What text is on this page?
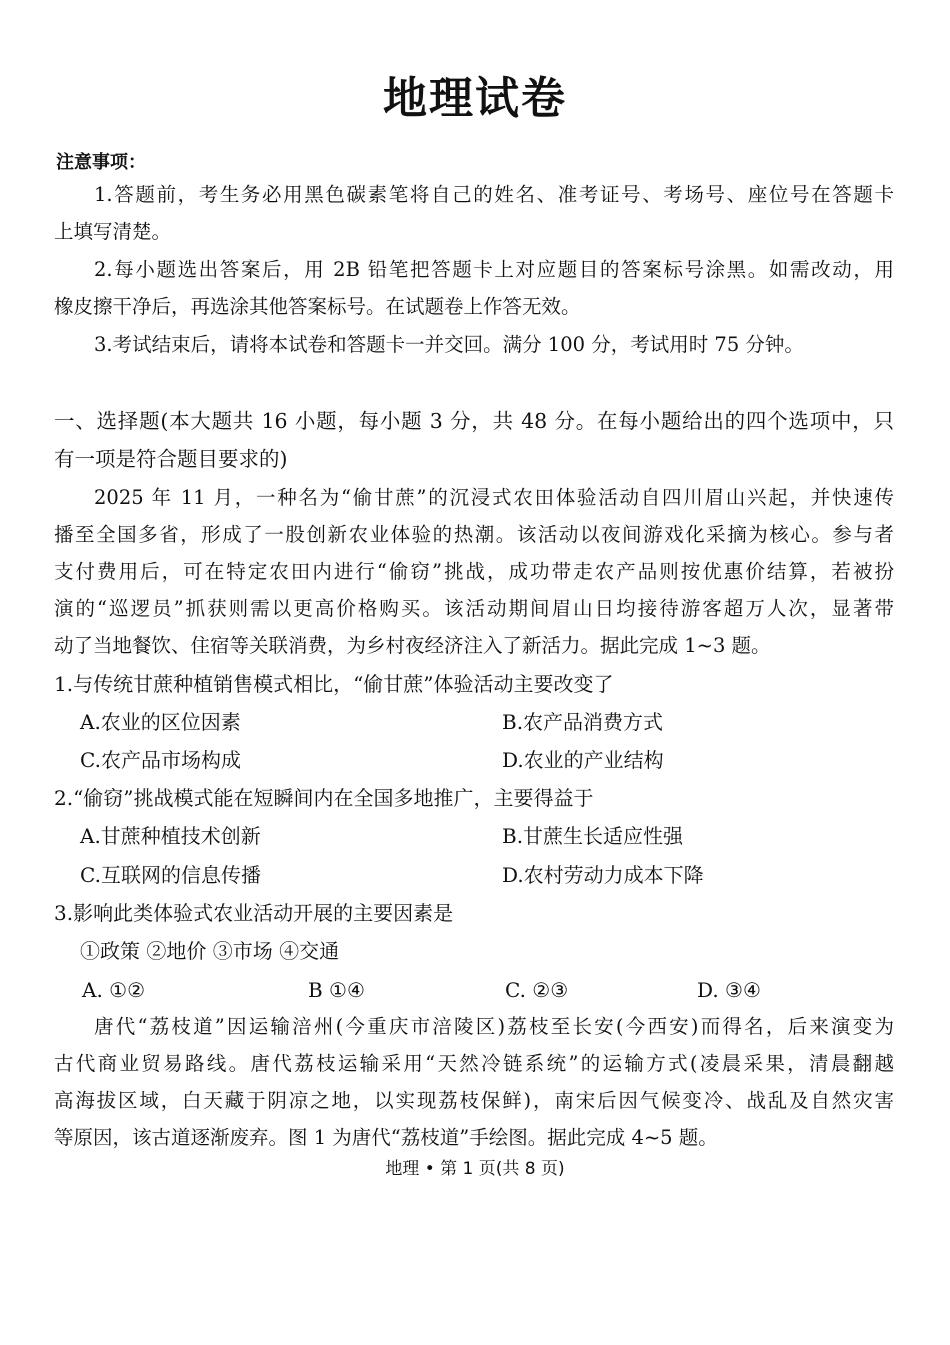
地理试卷
注意事项：
1.答题前，考生务必用黑色碳素笔将自己的姓名、准考证号、考场号、座位号在答题卡
上填写清楚。
2.每小题选出答案后，用 2B 铅笔把答题卡上对应题目的答案标号涂黑。如需改动，用
橡皮擦干净后，再选涂其他答案标号。在试题卷上作答无效。
3.考试结束后，请将本试卷和答题卡一并交回。满分 100 分，考试用时 75 分钟。
一、选择题(本大题共 16 小题，每小题 3 分，共 48 分。在每小题给出的四个选项中，只
有一项是符合题目要求的)
2025 年 11 月，一种名为“偷甘蔗”的沉浸式农田体验活动自四川眉山兴起，并快速传
播至全国多省，形成了一股创新农业体验的热潮。该活动以夜间游戏化采摘为核心。参与者
支付费用后，可在特定农田内进行“偷窃”挑战，成功带走农产品则按优惠价结算，若被扮
演的“巡逻员”抓获则需以更高价格购买。该活动期间眉山日均接待游客超万人次，显著带
动了当地餐饮、住宿等关联消费，为乡村夜经济注入了新活力。据此完成 1~3 题。
1.与传统甘蔗种植销售模式相比，“偷甘蔗”体验活动主要改变了
A.农业的区位因素	B.农产品消费方式
C.农产品市场构成	D.农业的产业结构
2.“偷窃”挑战模式能在短瞬间内在全国多地推广，主要得益于
A.甘蔗种植技术创新	B.甘蔗生长适应性强
C.互联网的信息传播	D.农村劳动力成本下降
3.影响此类体验式农业活动开展的主要因素是
①政策 ②地价 ③市场 ④交通
A. ①②	B ①④	C. ②③	D. ③④
唐代“荔枝道”因运输涪州(今重庆市涪陵区)荔枝至长安(今西安)而得名，后来演变为
古代商业贸易路线。唐代荔枝运输采用“天然冷链系统”的运输方式(凌晨采果，清晨翻越
高海拔区域，白天藏于阴凉之地，以实现荔枝保鲜)，南宋后因气候变冷、战乱及自然灾害
等原因，该古道逐渐废弃。图 1 为唐代“荔枝道”手绘图。据此完成 4~5 题。
地理 • 第 1 页(共 8 页)
